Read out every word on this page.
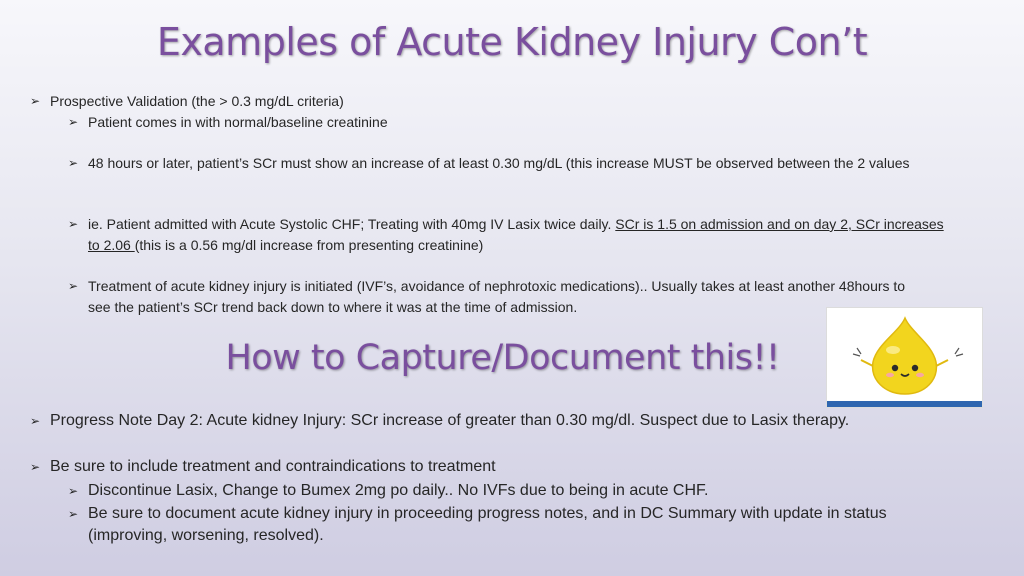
Examples of Acute Kidney Injury Con’t
➢ Prospective Validation (the > 0.3 mg/dL criteria)
➢ Patient comes in with normal/baseline creatinine
➢ 48 hours or later, patient’s SCr must show an increase of at least 0.30 mg/dL (this increase MUST be observed between the 2 values
➢ ie. Patient admitted with Acute Systolic CHF; Treating with 40mg IV Lasix twice daily. SCr is 1.5 on admission and on day 2, SCr increases to 2.06 (this is a 0.56 mg/dl increase from presenting creatinine)
➢ Treatment of acute kidney injury is initiated (IVF’s, avoidance of nephrotoxic medications).. Usually takes at least another 48hours to see the patient’s SCr trend back down to where it was at the time of admission.
How to Capture/Document this!!
➢ Progress Note Day 2: Acute kidney Injury: SCr increase of greater than 0.30 mg/dl. Suspect due to Lasix therapy.
➢ Be sure to include treatment and contraindications to treatment
➢ Discontinue Lasix, Change to Bumex 2mg po daily.. No IVFs due to being in acute CHF.
➢ Be sure to document acute kidney injury in proceeding progress notes, and in DC Summary with update in status (improving, worsening, resolved).
